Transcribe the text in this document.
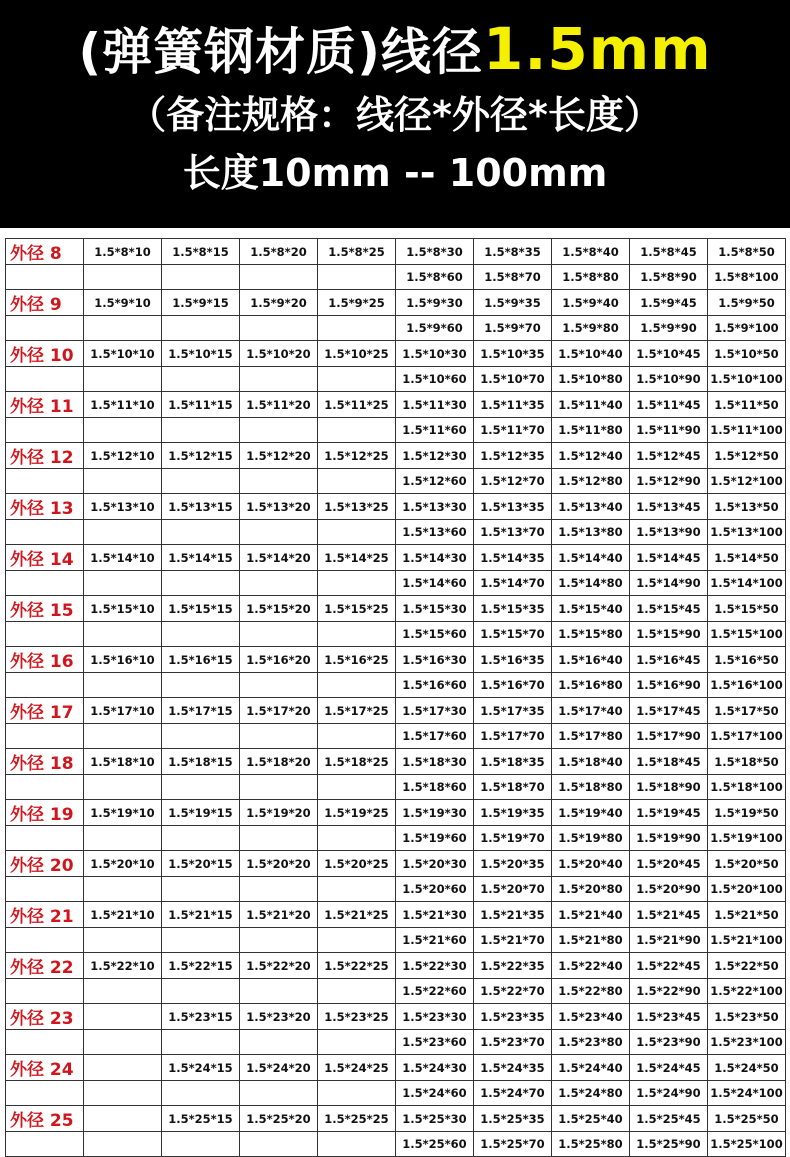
(弹簧钢材质)线径1.5mm
（备注规格：线径*外径*长度）
长度10mm -- 100mm
外径 8	1.5*8*10	1.5*8*15	1.5*8*20	1.5*8*25	1.5*8*30	1.5*8*35	1.5*8*40	1.5*8*45	1.5*8*50
					1.5*8*60	1.5*8*70	1.5*8*80	1.5*8*90	1.5*8*100
外径 9	1.5*9*10	1.5*9*15	1.5*9*20	1.5*9*25	1.5*9*30	1.5*9*35	1.5*9*40	1.5*9*45	1.5*9*50
					1.5*9*60	1.5*9*70	1.5*9*80	1.5*9*90	1.5*9*100
外径 10	1.5*10*10	1.5*10*15	1.5*10*20	1.5*10*25	1.5*10*30	1.5*10*35	1.5*10*40	1.5*10*45	1.5*10*50
					1.5*10*60	1.5*10*70	1.5*10*80	1.5*10*90	1.5*10*100
外径 11	1.5*11*10	1.5*11*15	1.5*11*20	1.5*11*25	1.5*11*30	1.5*11*35	1.5*11*40	1.5*11*45	1.5*11*50
					1.5*11*60	1.5*11*70	1.5*11*80	1.5*11*90	1.5*11*100
外径 12	1.5*12*10	1.5*12*15	1.5*12*20	1.5*12*25	1.5*12*30	1.5*12*35	1.5*12*40	1.5*12*45	1.5*12*50
					1.5*12*60	1.5*12*70	1.5*12*80	1.5*12*90	1.5*12*100
外径 13	1.5*13*10	1.5*13*15	1.5*13*20	1.5*13*25	1.5*13*30	1.5*13*35	1.5*13*40	1.5*13*45	1.5*13*50
					1.5*13*60	1.5*13*70	1.5*13*80	1.5*13*90	1.5*13*100
外径 14	1.5*14*10	1.5*14*15	1.5*14*20	1.5*14*25	1.5*14*30	1.5*14*35	1.5*14*40	1.5*14*45	1.5*14*50
					1.5*14*60	1.5*14*70	1.5*14*80	1.5*14*90	1.5*14*100
外径 15	1.5*15*10	1.5*15*15	1.5*15*20	1.5*15*25	1.5*15*30	1.5*15*35	1.5*15*40	1.5*15*45	1.5*15*50
					1.5*15*60	1.5*15*70	1.5*15*80	1.5*15*90	1.5*15*100
外径 16	1.5*16*10	1.5*16*15	1.5*16*20	1.5*16*25	1.5*16*30	1.5*16*35	1.5*16*40	1.5*16*45	1.5*16*50
					1.5*16*60	1.5*16*70	1.5*16*80	1.5*16*90	1.5*16*100
外径 17	1.5*17*10	1.5*17*15	1.5*17*20	1.5*17*25	1.5*17*30	1.5*17*35	1.5*17*40	1.5*17*45	1.5*17*50
					1.5*17*60	1.5*17*70	1.5*17*80	1.5*17*90	1.5*17*100
外径 18	1.5*18*10	1.5*18*15	1.5*18*20	1.5*18*25	1.5*18*30	1.5*18*35	1.5*18*40	1.5*18*45	1.5*18*50
					1.5*18*60	1.5*18*70	1.5*18*80	1.5*18*90	1.5*18*100
外径 19	1.5*19*10	1.5*19*15	1.5*19*20	1.5*19*25	1.5*19*30	1.5*19*35	1.5*19*40	1.5*19*45	1.5*19*50
					1.5*19*60	1.5*19*70	1.5*19*80	1.5*19*90	1.5*19*100
外径 20	1.5*20*10	1.5*20*15	1.5*20*20	1.5*20*25	1.5*20*30	1.5*20*35	1.5*20*40	1.5*20*45	1.5*20*50
					1.5*20*60	1.5*20*70	1.5*20*80	1.5*20*90	1.5*20*100
外径 21	1.5*21*10	1.5*21*15	1.5*21*20	1.5*21*25	1.5*21*30	1.5*21*35	1.5*21*40	1.5*21*45	1.5*21*50
					1.5*21*60	1.5*21*70	1.5*21*80	1.5*21*90	1.5*21*100
外径 22	1.5*22*10	1.5*22*15	1.5*22*20	1.5*22*25	1.5*22*30	1.5*22*35	1.5*22*40	1.5*22*45	1.5*22*50
					1.5*22*60	1.5*22*70	1.5*22*80	1.5*22*90	1.5*22*100
外径 23		1.5*23*15	1.5*23*20	1.5*23*25	1.5*23*30	1.5*23*35	1.5*23*40	1.5*23*45	1.5*23*50
					1.5*23*60	1.5*23*70	1.5*23*80	1.5*23*90	1.5*23*100
外径 24		1.5*24*15	1.5*24*20	1.5*24*25	1.5*24*30	1.5*24*35	1.5*24*40	1.5*24*45	1.5*24*50
					1.5*24*60	1.5*24*70	1.5*24*80	1.5*24*90	1.5*24*100
外径 25		1.5*25*15	1.5*25*20	1.5*25*25	1.5*25*30	1.5*25*35	1.5*25*40	1.5*25*45	1.5*25*50
					1.5*25*60	1.5*25*70	1.5*25*80	1.5*25*90	1.5*25*100
